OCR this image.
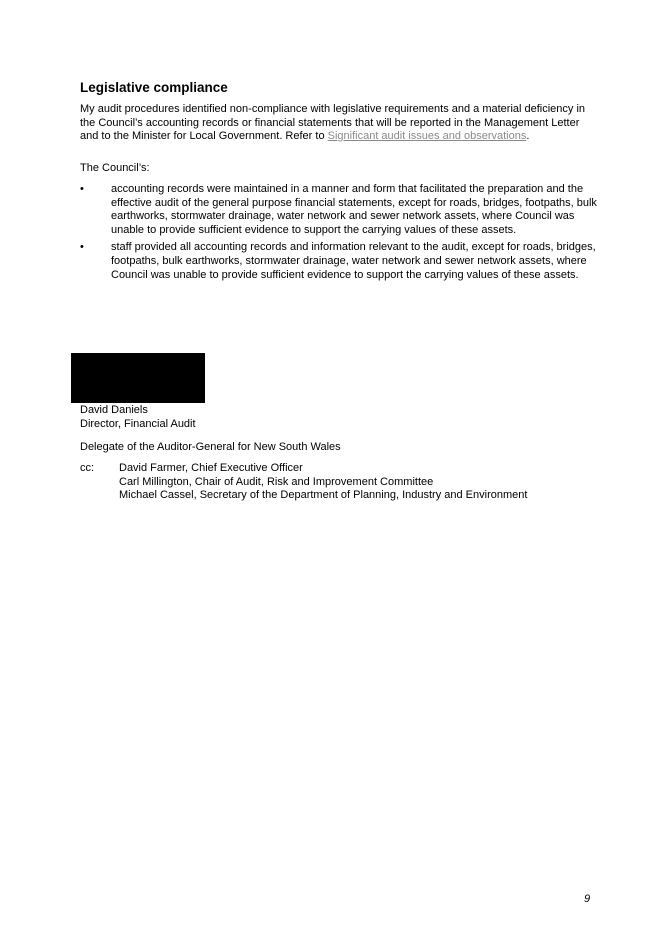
Legislative compliance
My audit procedures identified non-compliance with legislative requirements and a material deficiency in the Council’s accounting records or financial statements that will be reported in the Management Letter and to the Minister for Local Government. Refer to Significant audit issues and observations.
The Council’s:
• accounting records were maintained in a manner and form that facilitated the preparation and the effective audit of the general purpose financial statements, except for roads, bridges, footpaths, bulk earthworks, stormwater drainage, water network and sewer network assets, where Council was unable to provide sufficient evidence to support the carrying values of these assets.
• staff provided all accounting records and information relevant to the audit, except for roads, bridges, footpaths, bulk earthworks, stormwater drainage, water network and sewer network assets, where Council was unable to provide sufficient evidence to support the carrying values of these assets.
David Daniels
Director, Financial Audit
Delegate of the Auditor-General for New South Wales
cc: David Farmer, Chief Executive Officer
Carl Millington, Chair of Audit, Risk and Improvement Committee
Michael Cassel, Secretary of the Department of Planning, Industry and Environment
9
